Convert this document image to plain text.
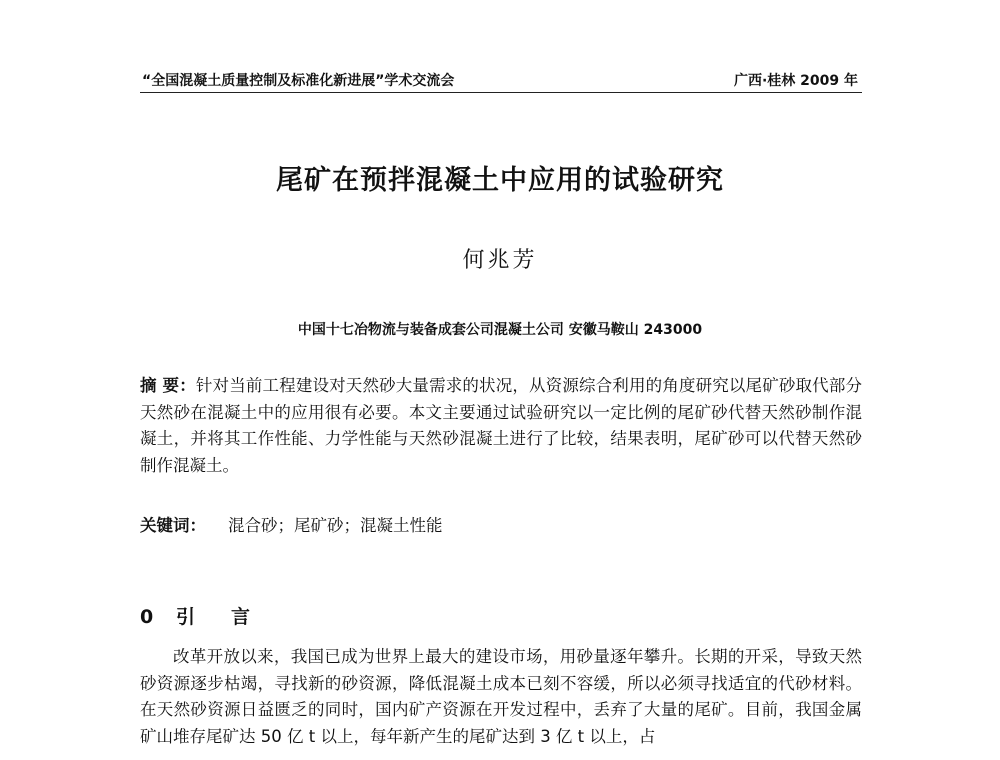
“全国混凝土质量控制及标准化新进展”学术交流会	广西·桂林 2009 年
尾矿在预拌混凝土中应用的试验研究
何兆芳
中国十七冶物流与装备成套公司混凝土公司 安徽马鞍山 243000
摘 要：针对当前工程建设对天然砂大量需求的状况，从资源综合利用的角度研究以尾矿砂取代部分天然砂在混凝土中的应用很有必要。本文主要通过试验研究以一定比例的尾矿砂代替天然砂制作混凝土，并将其工作性能、力学性能与天然砂混凝土进行了比较，结果表明，尾矿砂可以代替天然砂制作混凝土。
关键词： 混合砂；尾矿砂；混凝土性能
0 引言
改革开放以来，我国已成为世界上最大的建设市场，用砂量逐年攀升。长期的开采，导致天然砂资源逐步枯竭，寻找新的砂资源，降低混凝土成本已刻不容缓，所以必须寻找适宜的代砂材料。在天然砂资源日益匮乏的同时，国内矿产资源在开发过程中，丢弃了大量的尾矿。目前，我国金属矿山堆存尾矿达 50 亿 t 以上，每年新产生的尾矿达到 3 亿 t 以上，占
